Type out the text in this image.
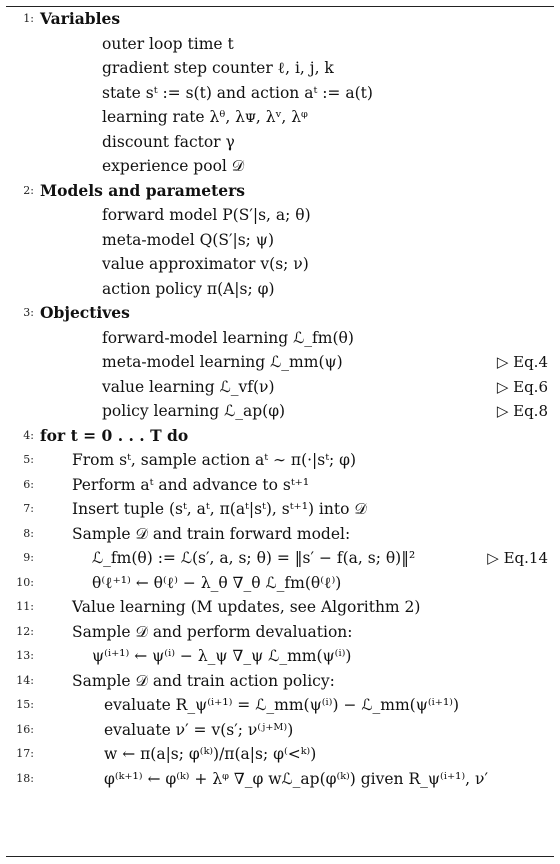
1: Variables
outer loop time t
gradient step counter ℓ, i, j, k
state sᵗ := s(t) and action aᵗ := a(t)
learning rate λᶿ, λᴪ, λᵛ, λᵠ
discount factor γ
experience pool 𝒟
2: Models and parameters
forward model P(S′|s, a; θ)
meta-model Q(S′|s; ψ)
value approximator v(s; ν)
action policy π(A|s; φ)
3: Objectives
forward-model learning ℒ_fm(θ)
meta-model learning ℒ_mm(ψ)	▷ Eq.4
value learning ℒ_vf(ν)	▷ Eq.6
policy learning ℒ_ap(φ)	▷ Eq.8
4: for t = 0 . . . T do
5: From sᵗ, sample action aᵗ ∼ π(·|sᵗ; φ)
6: Perform aᵗ and advance to sᵗ⁺¹
7: Insert tuple (sᵗ, aᵗ, π(aᵗ|sᵗ), sᵗ⁺¹) into 𝒟
8: Sample 𝒟 and train forward model:
9:	ℒ_fm(θ) := ℒ(s′, a, s; θ) = ‖s′ − f(a, s; θ)‖²	▷ Eq.14
10:	θ⁽ℓ⁺¹⁾ ← θ⁽ℓ⁾ − λ_θ ∇_θ ℒ_fm(θ⁽ℓ⁾)
11: Value learning (M updates, see Algorithm 2)
12: Sample 𝒟 and perform devaluation:
13:	ψ⁽ⁱ⁺¹⁾ ← ψ⁽ⁱ⁾ − λ_ψ ∇_ψ ℒ_mm(ψ⁽ⁱ⁾)
14: Sample 𝒟 and train action policy:
15:	evaluate R_ψ⁽ⁱ⁺¹⁾ = ℒ_mm(ψ⁽ⁱ⁾) − ℒ_mm(ψ⁽ⁱ⁺¹⁾)
16:	evaluate ν′ = v(s′; ν⁽ʲ⁺ᴹ⁾)
17:	w ← π(a|s; φ⁽ᵏ⁾)/π(a|s; φ⁽<ᵏ⁾)
18:	φ⁽ᵏ⁺¹⁾ ← φ⁽ᵏ⁾ + λᵠ ∇_φ wℒ_ap(φ⁽ᵏ⁾) given R_ψ⁽ⁱ⁺¹⁾, ν′
